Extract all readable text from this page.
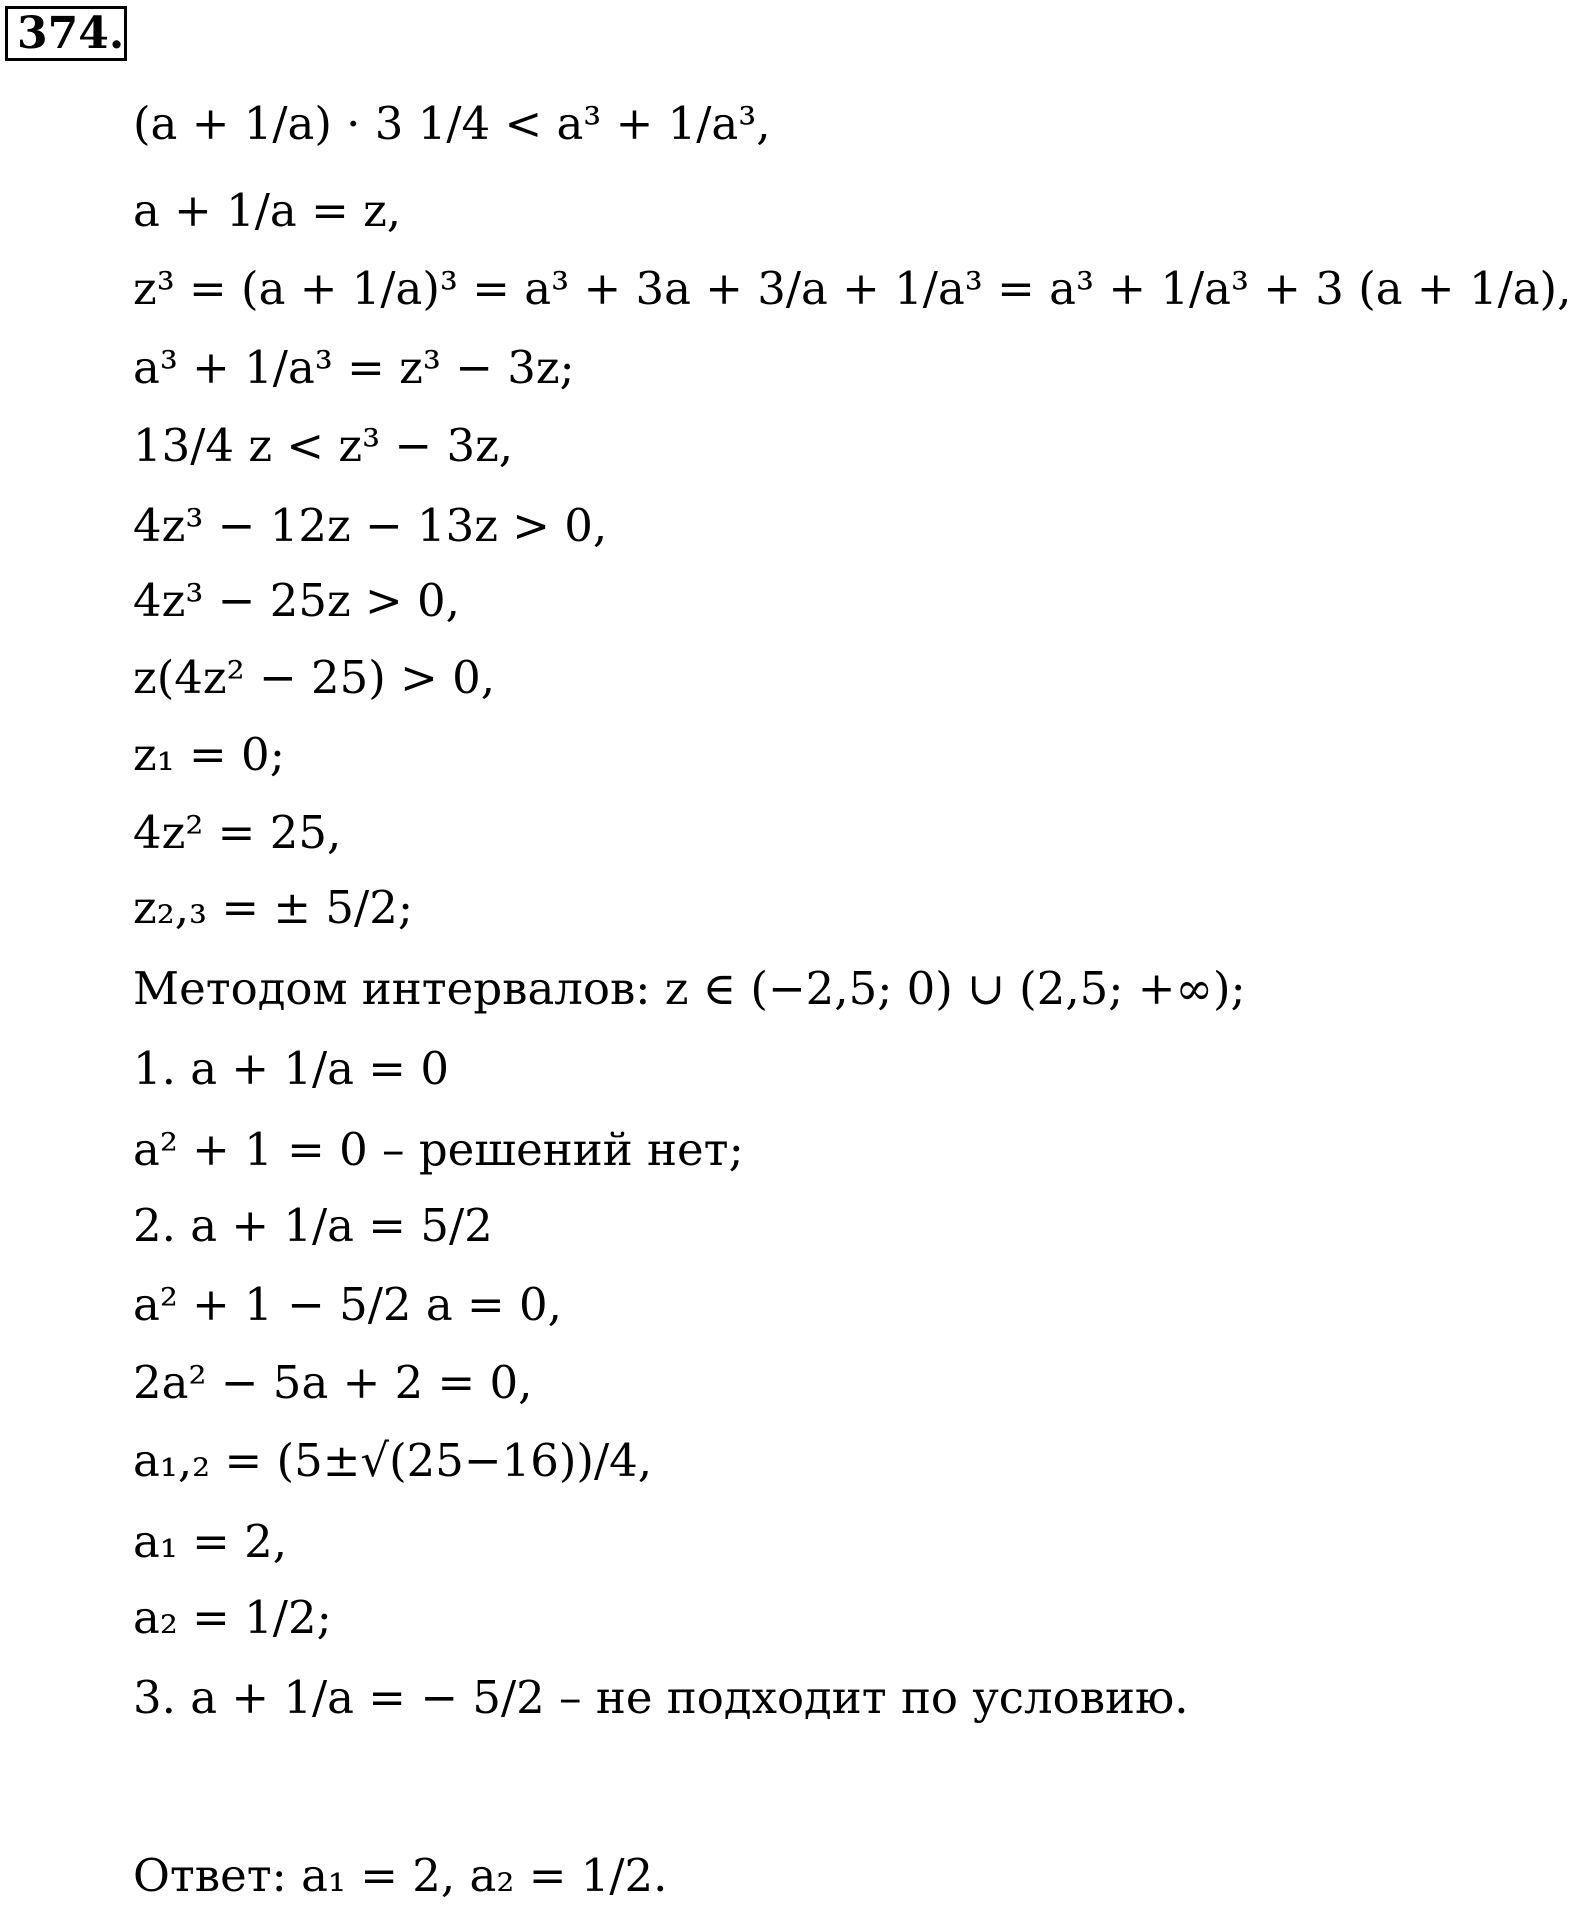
374.
(a + 1/a) · 3 1/4 < a³ + 1/a³,
a + 1/a = z,
z³ = (a + 1/a)³ = a³ + 3a + 3/a + 1/a³ = a³ + 1/a³ + 3 (a + 1/a),
a³ + 1/a³ = z³ − 3z;
13/4 z < z³ − 3z,
4z³ − 12z − 13z > 0,
4z³ − 25z > 0,
z(4z² − 25) > 0,
z₁ = 0;
4z² = 25,
z₂,₃ = ± 5/2;
Методом интервалов: z ∈ (−2,5; 0) ∪ (2,5; +∞);
1. a + 1/a = 0
a² + 1 = 0 – решений нет;
2. a + 1/a = 5/2
a² + 1 − 5/2 a = 0,
2a² − 5a + 2 = 0,
a₁,₂ = (5±√(25−16))/4,
a₁ = 2,
a₂ = 1/2;
3. a + 1/a = − 5/2 – не подходит по условию.
Ответ: a₁ = 2, a₂ = 1/2.
